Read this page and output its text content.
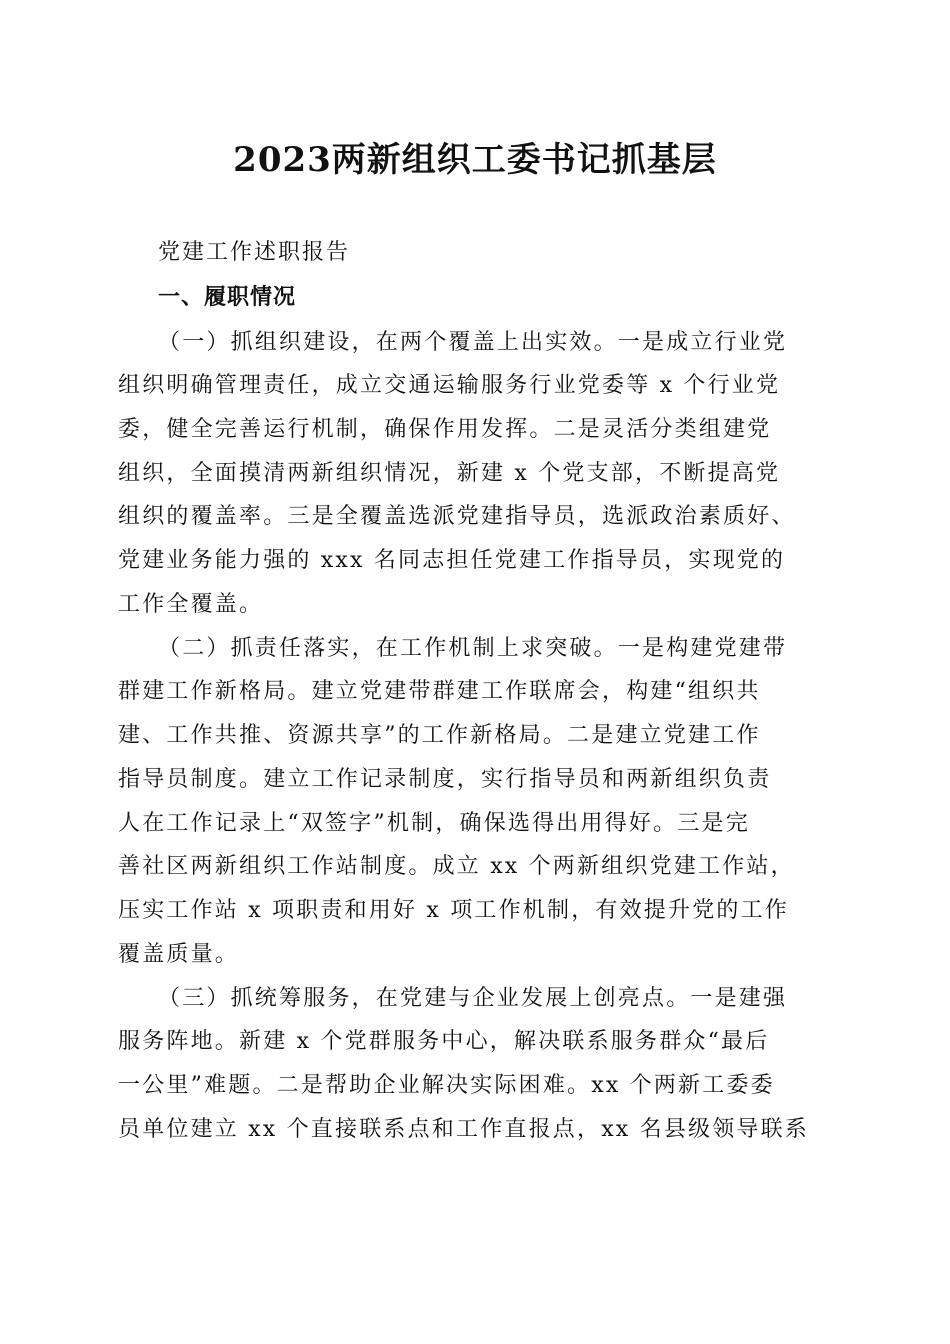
2023两新组织工委书记抓基层
党建工作述职报告
一、履职情况
（一）抓组织建设，在两个覆盖上出实效。一是成立行业党
组织明确管理责任，成立交通运输服务行业党委等 x 个行业党
委，健全完善运行机制，确保作用发挥。二是灵活分类组建党
组织，全面摸清两新组织情况，新建 x 个党支部，不断提高党
组织的覆盖率。三是全覆盖选派党建指导员，选派政治素质好、
党建业务能力强的 xxx 名同志担任党建工作指导员，实现党的
工作全覆盖。
（二）抓责任落实，在工作机制上求突破。一是构建党建带
群建工作新格局。建立党建带群建工作联席会，构建“组织共
建、工作共推、资源共享”的工作新格局。二是建立党建工作
指导员制度。建立工作记录制度，实行指导员和两新组织负责
人在工作记录上“双签字”机制，确保选得出用得好。三是完
善社区两新组织工作站制度。成立 xx 个两新组织党建工作站，
压实工作站 x 项职责和用好 x 项工作机制，有效提升党的工作
覆盖质量。
（三）抓统筹服务，在党建与企业发展上创亮点。一是建强
服务阵地。新建 x 个党群服务中心，解决联系服务群众“最后
一公里”难题。二是帮助企业解决实际困难。xx 个两新工委委
员单位建立 xx 个直接联系点和工作直报点，xx 名县级领导联系
